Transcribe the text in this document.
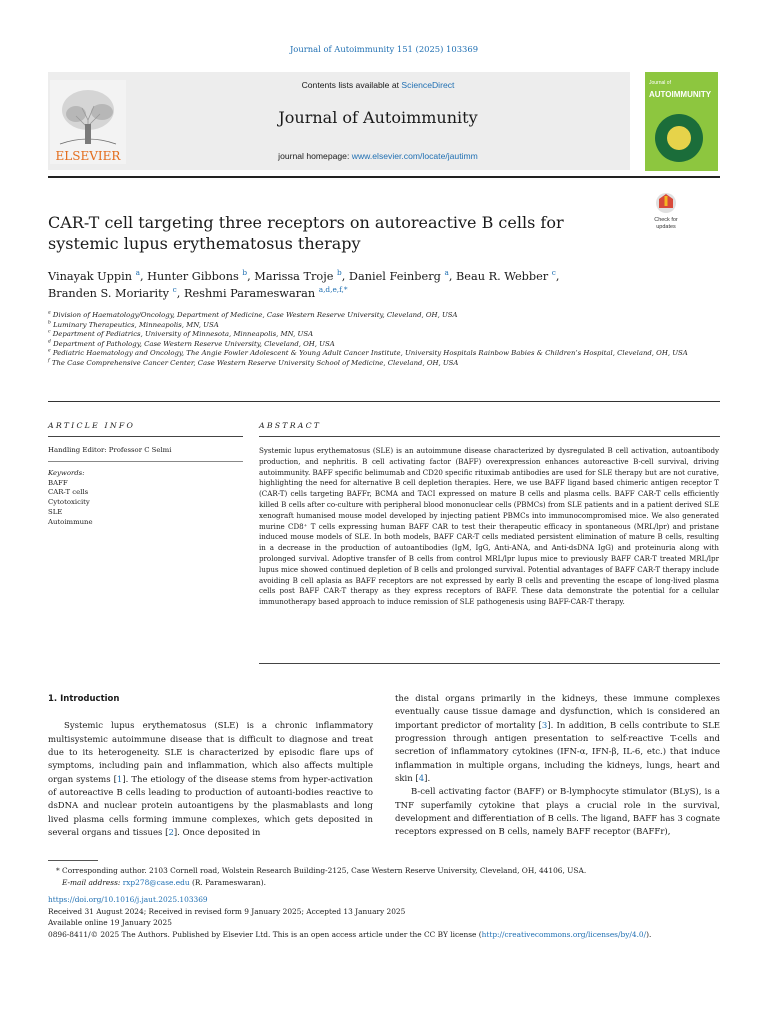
Journal of Autoimmunity 151 (2025) 103369
ELSEVIER
Contents lists available at ScienceDirect
Journal of Autoimmunity
journal homepage: www.elsevier.com/locate/jautimm
Journal of
AUTOIMMUNITY
CAR-T cell targeting three receptors on autoreactive B cells for systemic lupus erythematosus therapy
Check for
updates
Vinayak Uppin $^a$, Hunter Gibbons $^b$, Marissa Troje $^b$, Daniel Feinberg $^a$, Beau R. Webber $^c$,
Branden S. Moriarity $^c$, Reshmi Parameswaran $^{a,d,e,f,*}$
$^a$ Division of Haematology/Oncology, Department of Medicine, Case Western Reserve University, Cleveland, OH, USA
$^b$ Luminary Therapeutics, Minneapolis, MN, USA
$^c$ Department of Pediatrics, University of Minnesota, Minneapolis, MN, USA
$^d$ Department of Pathology, Case Western Reserve University, Cleveland, OH, USA
$^e$ Pediatric Haematology and Oncology, The Angie Fowler Adolescent & Young Adult Cancer Institute, University Hospitals Rainbow Babies & Children’s Hospital, Cleveland, OH, USA
$^f$ The Case Comprehensive Cancer Center, Case Western Reserve University School of Medicine, Cleveland, OH, USA
ARTICLE INFO
Handling Editor: Professor C Selmi
Keywords:
BAFF
CAR-T cells
Cytotoxicity
SLE
Autoimmune
ABSTRACT
Systemic lupus erythematosus (SLE) is an autoimmune disease characterized by dysregulated B cell activation, autoantibody production, and nephritis. B cell activating factor (BAFF) overexpression enhances autoreactive B-cell survival, driving autoimmunity. BAFF specific belimumab and CD20 specific rituximab antibodies are used for SLE therapy but are not curative, highlighting the need for alternative B cell depletion therapies. Here, we use BAFF ligand based chimeric antigen receptor T (CAR-T) cells targeting BAFFr, BCMA and TACI expressed on mature B cells and plasma cells. BAFF CAR-T cells efficiently killed B cells after co-culture with peripheral blood mononuclear cells (PBMCs) from SLE patients and in a patient derived SLE xenograft humanised mouse model developed by injecting patient PBMCs into immunocompromised mice. We also generated murine CD8⁺ T cells expressing human BAFF CAR to test their therapeutic efficacy in spontaneous (MRL/lpr) and pristane induced mouse models of SLE. In both models, BAFF CAR-T cells mediated persistent elimination of mature B cells, resulting in a decrease in the production of autoantibodies (IgM, IgG, Anti-ANA, and Anti-dsDNA IgG) and proteinuria along with prolonged survival. Adoptive transfer of B cells from control MRL/lpr lupus mice to previously BAFF CAR-T treated MRL/lpr lupus mice showed continued depletion of B cells and prolonged survival. Potential advantages of BAFF CAR-T therapy include avoiding B cell aplasia as BAFF receptors are not expressed by early B cells and preventing the escape of long-lived plasma cells post BAFF CAR-T therapy as they express receptors of BAFF. These data demonstrate the potential for a cellular immunotherapy based approach to induce remission of SLE pathogenesis using BAFF-CAR-T therapy.

1. Introduction

Systemic lupus erythematosus (SLE) is a chronic inflammatory multisystemic autoimmune disease that is difficult to diagnose and treat due to its heterogeneity. SLE is characterized by episodic flare ups of symptoms, including pain and inflammation, which also affects multiple organ systems [1]. The etiology of the disease stems from hyper-activation of autoreactive B cells leading to production of autoanti-bodies reactive to dsDNA and nuclear protein autoantigens by the plasmablasts and long lived plasma cells forming immune complexes, which gets deposited in several organs and tissues [2]. Once deposited in

the distal organs primarily in the kidneys, these immune complexes eventually cause tissue damage and dysfunction, which is considered an important predictor of mortality [3]. In addition, B cells contribute to SLE progression through antigen presentation to self-reactive T-cells and secretion of inflammatory cytokines (IFN-α, IFN-β, IL-6, etc.) that induce inflammation in multiple organs, including the kidneys, lungs, heart and skin [4].

B-cell activating factor (BAFF) or B-lymphocyte stimulator (BLyS), is a TNF superfamily cytokine that plays a crucial role in the survival, development and differentiation of B cells. The ligand, BAFF has 3 cognate receptors expressed on B cells, namely BAFF receptor (BAFFr),

* Corresponding author. 2103 Cornell road, Wolstein Research Building-2125, Case Western Reserve University, Cleveland, OH, 44106, USA.
E-mail address: rxp278@case.edu (R. Parameswaran).
https://doi.org/10.1016/j.jaut.2025.103369
Received 31 August 2024; Received in revised form 9 January 2025; Accepted 13 January 2025
Available online 19 January 2025
0896-8411/© 2025 The Authors. Published by Elsevier Ltd. This is an open access article under the CC BY license (http://creativecommons.org/licenses/by/4.0/).
